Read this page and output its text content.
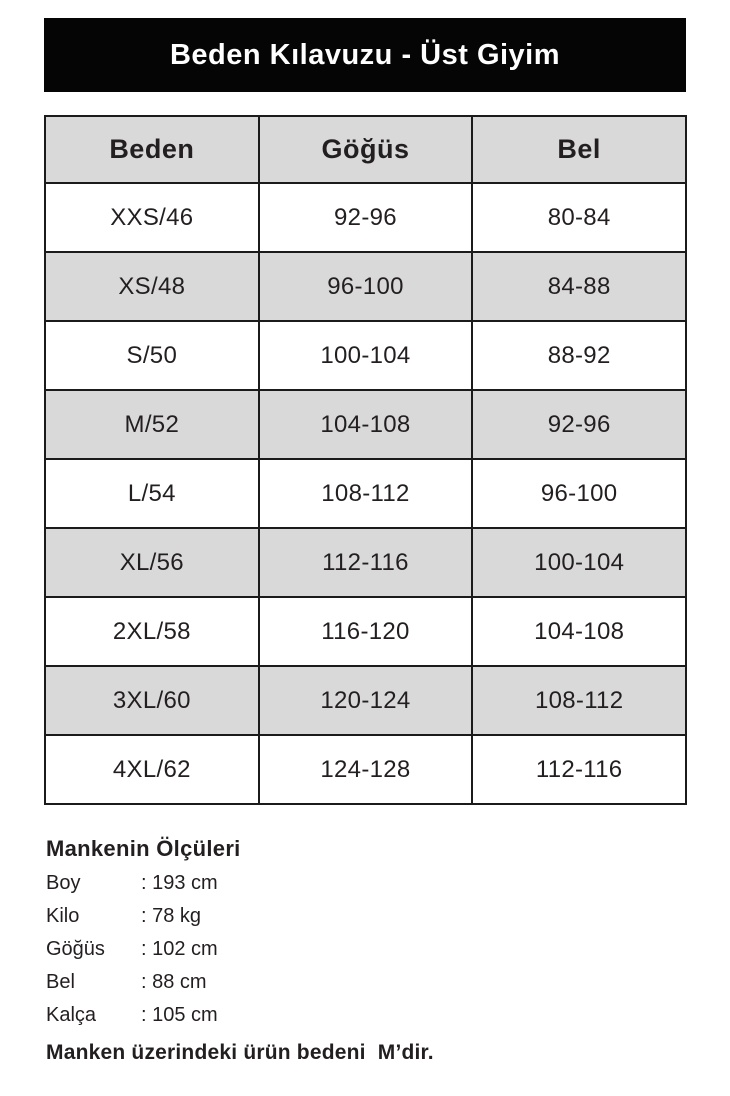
Beden Kılavuzu - Üst Giyim
Beden	Göğüs	Bel
XXS/46	92-96	80-84
XS/48	96-100	84-88
S/50	100-104	88-92
M/52	104-108	92-96
L/54	108-112	96-100
XL/56	112-116	100-104
2XL/58	116-120	104-108
3XL/60	120-124	108-112
4XL/62	124-128	112-116
Mankenin Ölçüleri
Boy	: 193 cm
Kilo	: 78 kg
Göğüs	: 102 cm
Bel	: 88 cm
Kalça	: 105 cm

Manken üzerindeki ürün bedeni  M’dir.
